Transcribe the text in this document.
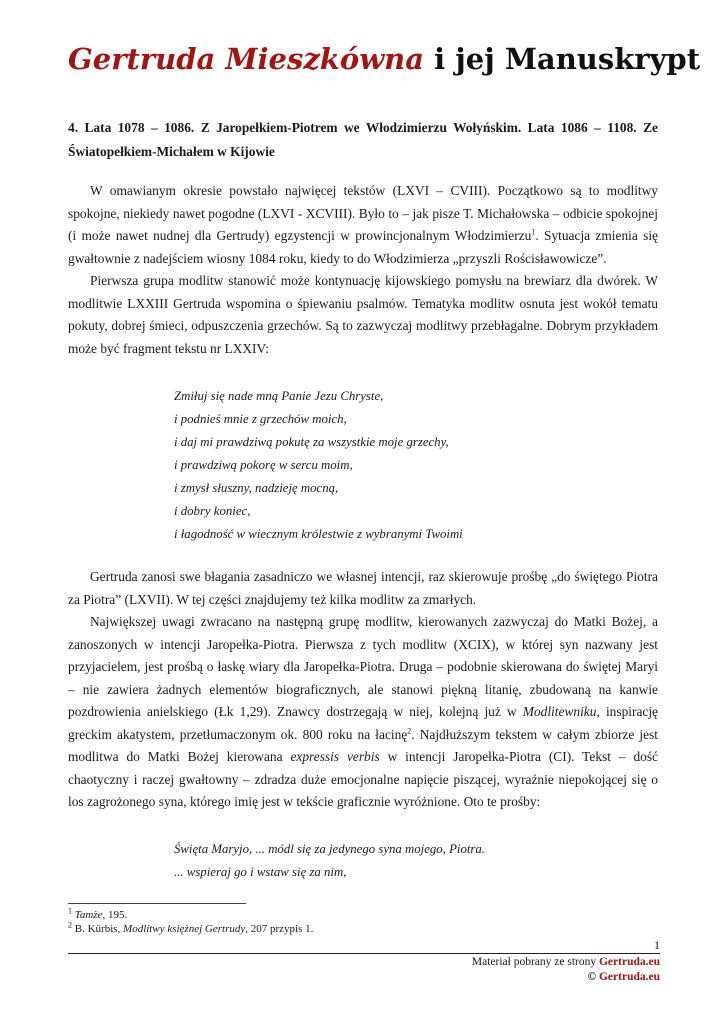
Gertruda Mieszkówna i jej Manuskrypt
4. Lata 1078 – 1086. Z Jaropełkiem-Piotrem we Włodzimierzu Wołyńskim. Lata 1086 – 1108. Ze Światopełkiem-Michałem w Kijowie

W omawianym okresie powstało najwięcej tekstów (LXVI – CVIII). Początkowo są to modlitwy spokojne, niekiedy nawet pogodne (LXVI - XCVIII). Było to – jak pisze T. Michałowska – odbicie spokojnej (i może nawet nudnej dla Gertrudy) egzystencji w prowincjonalnym Włodzimierzu$^1$. Sytuacja zmienia się gwałtownie z nadejściem wiosny 1084 roku, kiedy to do Włodzimierza „przyszli Rościsławowicze”.

Pierwsza grupa modlitw stanowić może kontynuację kijowskiego pomysłu na brewiarz dla dwórek. W modlitwie LXXIII Gertruda wspomina o śpiewaniu psalmów. Tematyka modlitw osnuta jest wokół tematu pokuty, dobrej śmieci, odpuszczenia grzechów. Są to zazwyczaj modlitwy przebłagalne. Dobrym przykładem może być fragment tekstu nr LXXIV:

Zmiłuj się nade mną Panie Jezu Chryste,
i podnieś mnie z grzechów moich,
i daj mi prawdziwą pokutę za wszystkie moje grzechy,
i prawdziwą pokorę w sercu moim,
i zmysł słuszny, nadzieję mocną,
i dobry koniec,
i łagodność w wiecznym królestwie z wybranymi Twoimi

Gertruda zanosi swe błagania zasadniczo we własnej intencji, raz skierowuje prośbę „do świętego Piotra za Piotra” (LXVII). W tej części znajdujemy też kilka modlitw za zmarłych.

Największej uwagi zwracano na następną grupę modlitw, kierowanych zazwyczaj do Matki Bożej, a zanoszonych w intencji Jaropełka-Piotra. Pierwsza z tych modlitw (XCIX), w której syn nazwany jest przyjacielem, jest prośbą o łaskę wiary dla Jaropełka-Piotra. Druga – podobnie skierowana do świętej Maryi – nie zawiera żadnych elementów biograficznych, ale stanowi piękną litanię, zbudowaną na kanwie pozdrowienia anielskiego (Łk 1,29). Znawcy dostrzegają w niej, kolejną już w Modlitewniku, inspirację greckim akatystem, przetłumaczonym ok. 800 roku na łacinę$^2$. Najdłuższym tekstem w całym zbiorze jest modlitwa do Matki Bożej kierowana expressis verbis w intencji Jaropełka-Piotra (CI). Tekst – dość chaotyczny i raczej gwałtowny – zdradza duże emocjonalne napięcie piszącej, wyraźnie niepokojącej się o los zagrożonego syna, którego imię jest w tekście graficznie wyróżnione. Oto te prośby:

Święta Maryjo, ... módl się za jedynego syna mojego, Piotra.
... wspieraj go i wstaw się za nim,
$^1$ Tamże, 195.
$^2$ B. Kürbis, Modlitwy księżnej Gertrudy, 207 przypis 1.
1
Materiał pobrany ze strony Gertruda.eu
© Gertruda.eu
